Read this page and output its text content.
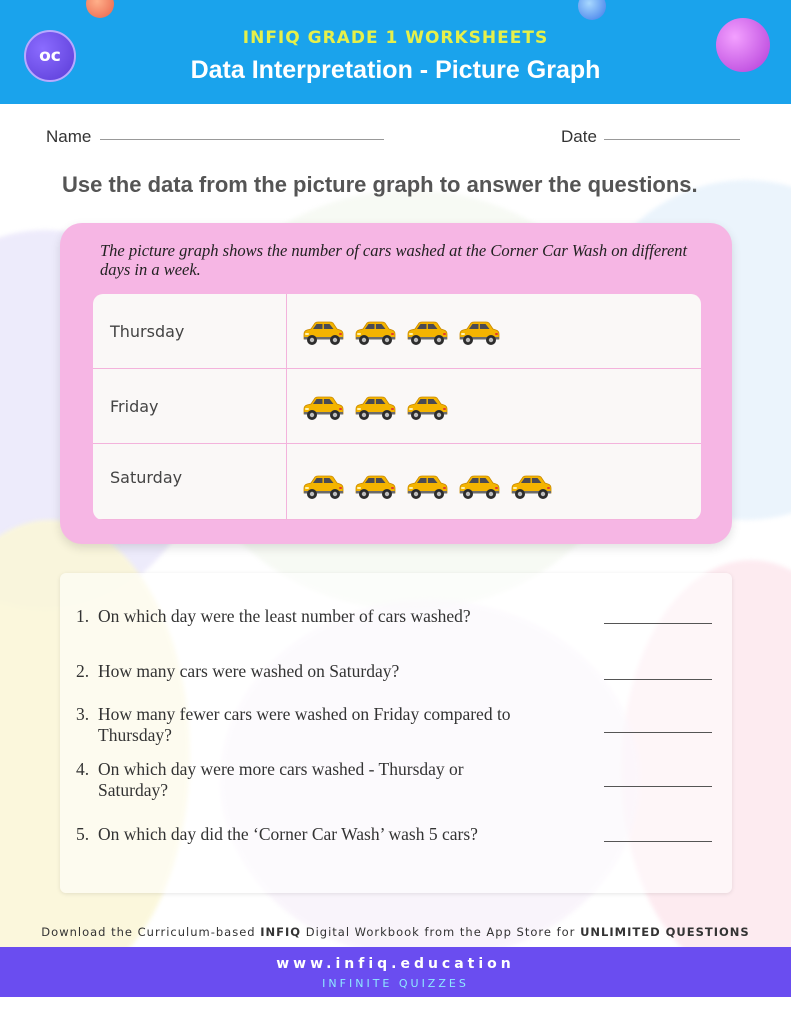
oc
INFIQ GRADE 1 WORKSHEETS
Data Interpretation - Picture Graph
Name	Date
Use the data from the picture graph to answer the questions.
The picture graph shows the number of cars washed at the Corner Car Wash on different days in a week.
Thursday
Friday
Saturday
1. On which day were the least number of cars washed?
2. How many cars were washed on Saturday?
3. How many fewer cars were washed on Friday compared to Thursday?
4. On which day were more cars washed - Thursday or Saturday?
5. On which day did the ‘Corner Car Wash’ wash 5 cars?
Download the Curriculum-based INFIQ Digital Workbook from the App Store for UNLIMITED QUESTIONS
www.infiq.education
INFINITE QUIZZES
